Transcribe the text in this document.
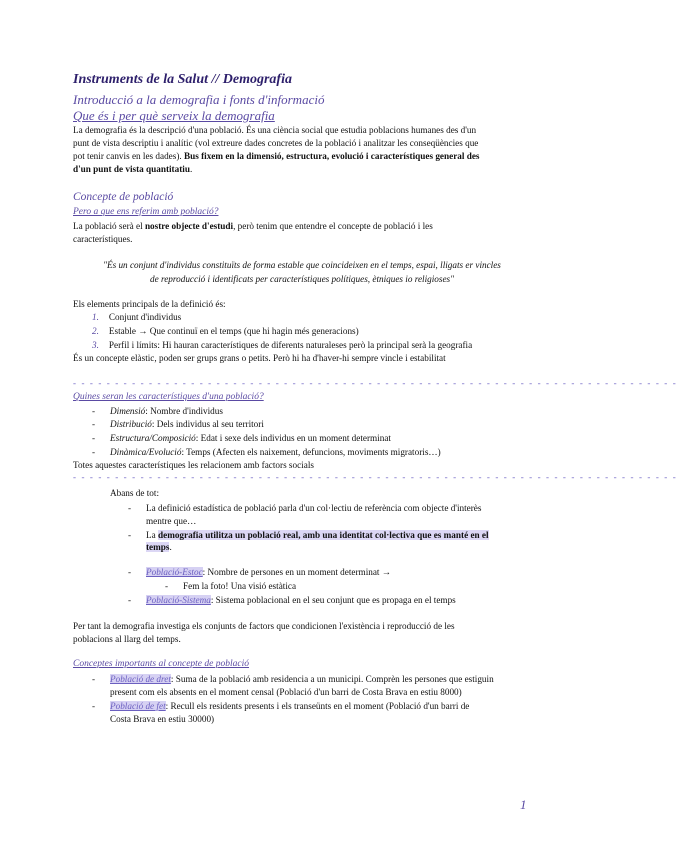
Instruments de la Salut // Demografia
Introducció a la demografia i fonts d'informació
Que és i per què serveix la demografia
La demografia és la descripció d'una població. És una ciència social que estudia poblacions humanes des d'un
punt de vista descriptiu i analític (vol extreure dades concretes de la població i analitzar les conseqüències que
pot tenir canvis en les dades). Bus fixem en la dimensió, estructura, evolució i característiques general des
d'un punt de vista quantitatiu.
Concepte de població
Pero a que ens referim amb població?
La població serà el nostre objecte d'estudi, però tenim que entendre el concepte de població i les
característiques.
"És un conjunt d'individus constituïts de forma estable que coincideixen en el temps, espai, lligats er vincles
de reproducció i identificats per característiques polítiques, ètniques io religioses"
Els elements principals de la definició és:
1. Conjunt d'individus
2. Estable → Que continuï en el temps (que hi hagin més generacions)
3. Perfil i límits: Hi hauran característiques de diferents naturaleses però la principal serà la geografia
És un concepte elàstic, poden ser grups grans o petits. Però hi ha d'haver-hi sempre vincle i estabilitat
- - - - - - - - - - - - - - - - - - - - - - - - - - - - - - - - - - - - - - - - - - - - - - - - - - - - - - - - - - - - - - - - - - - - - - - -
Quines seran les característiques d'una població?
- Dimensió: Nombre d'individus
- Distribució: Dels individus al seu territori
- Estructura/Composició: Edat i sexe dels individus en un moment determinat
- Dinàmica/Evolució: Temps (Afecten els naixement, defuncions, moviments migratoris…)
Totes aquestes característiques les relacionem amb factors socials
- - - - - - - - - - - - - - - - - - - - - - - - - - - - - - - - - - - - - - - - - - - - - - - - - - - - - - - - - - - - - - - - - - - - - - - -
Abans de tot:
- La definició estadística de població parla d'un col·lectiu de referència com objecte d'interès
mentre que…
- La demografia utilitza un població real, amb una identitat col·lectiva que es manté en el
temps.
- Població-Estoc: Nombre de persones en un moment determinat →
- Fem la foto! Una visió estàtica
- Població-Sistema: Sistema poblacional en el seu conjunt que es propaga en el temps
Per tant la demografia investiga els conjunts de factors que condicionen l'existència i reproducció de les
poblacions al llarg del temps.
Conceptes importants al concepte de població
- Població de dret: Suma de la població amb residencia a un municipi. Comprèn les persones que estiguin
present com els absents en el moment censal (Població d'un barri de Costa Brava en estiu 8000)
- Població de fet: Recull els residents presents i els transeünts en el moment (Població d'un barri de
Costa Brava en estiu 30000)
1
